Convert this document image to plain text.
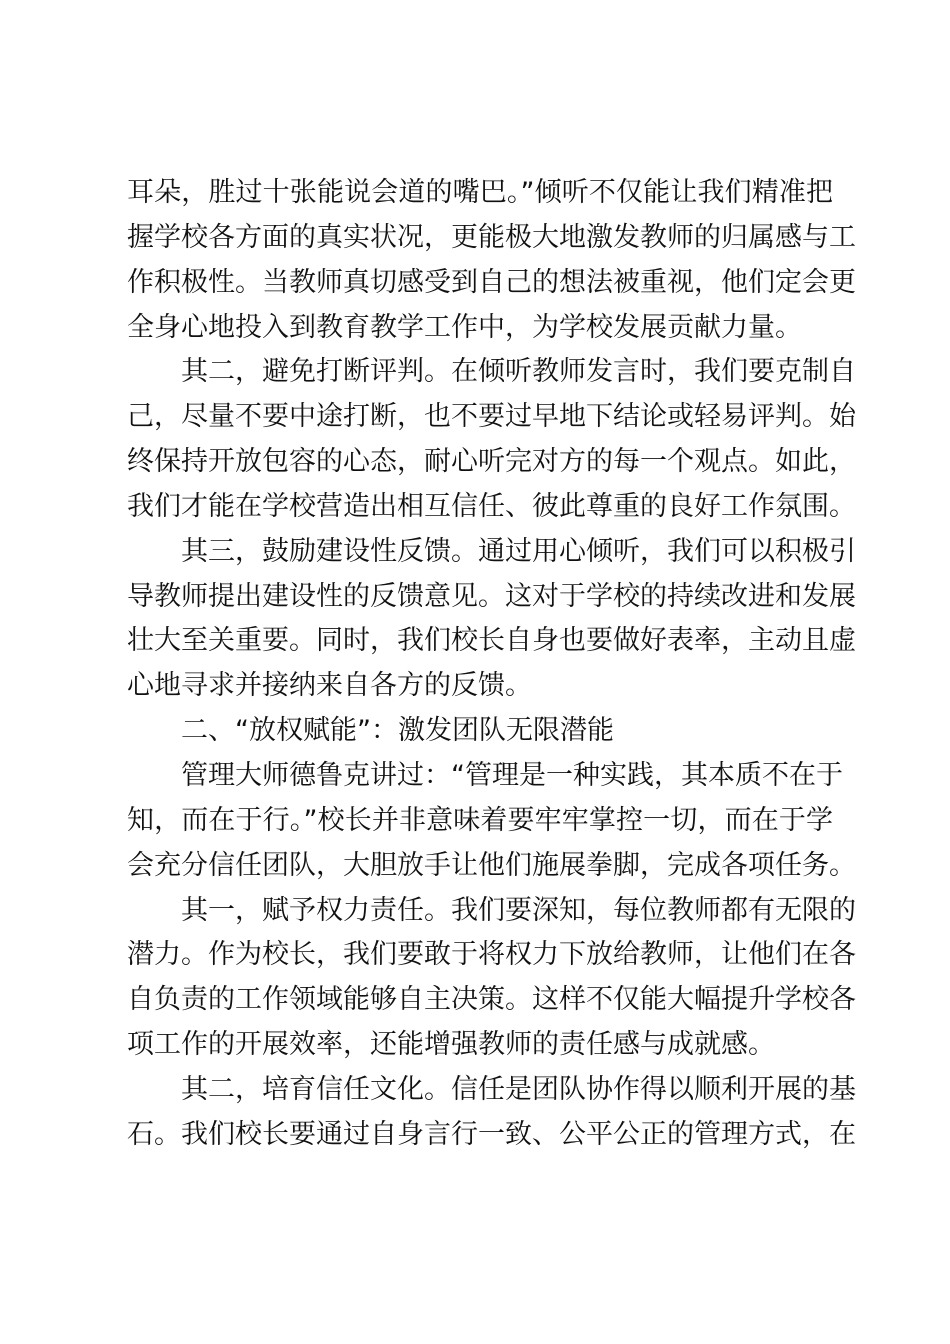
耳朵，胜过十张能说会道的嘴巴。”倾听不仅能让我们精准把
握学校各方面的真实状况，更能极大地激发教师的归属感与工
作积极性。当教师真切感受到自己的想法被重视，他们定会更
全身心地投入到教育教学工作中，为学校发展贡献力量。
其二，避免打断评判。在倾听教师发言时，我们要克制自
己，尽量不要中途打断，也不要过早地下结论或轻易评判。始
终保持开放包容的心态，耐心听完对方的每一个观点。如此，
我们才能在学校营造出相互信任、彼此尊重的良好工作氛围。
其三，鼓励建设性反馈。通过用心倾听，我们可以积极引
导教师提出建设性的反馈意见。这对于学校的持续改进和发展
壮大至关重要。同时，我们校长自身也要做好表率，主动且虚
心地寻求并接纳来自各方的反馈。
二、“放权赋能”：激发团队无限潜能
管理大师德鲁克讲过：“管理是一种实践，其本质不在于
知，而在于行。”校长并非意味着要牢牢掌控一切，而在于学
会充分信任团队，大胆放手让他们施展拳脚，完成各项任务。
其一，赋予权力责任。我们要深知，每位教师都有无限的
潜力。作为校长，我们要敢于将权力下放给教师，让他们在各
自负责的工作领域能够自主决策。这样不仅能大幅提升学校各
项工作的开展效率，还能增强教师的责任感与成就感。
其二，培育信任文化。信任是团队协作得以顺利开展的基
石。我们校长要通过自身言行一致、公平公正的管理方式，在
